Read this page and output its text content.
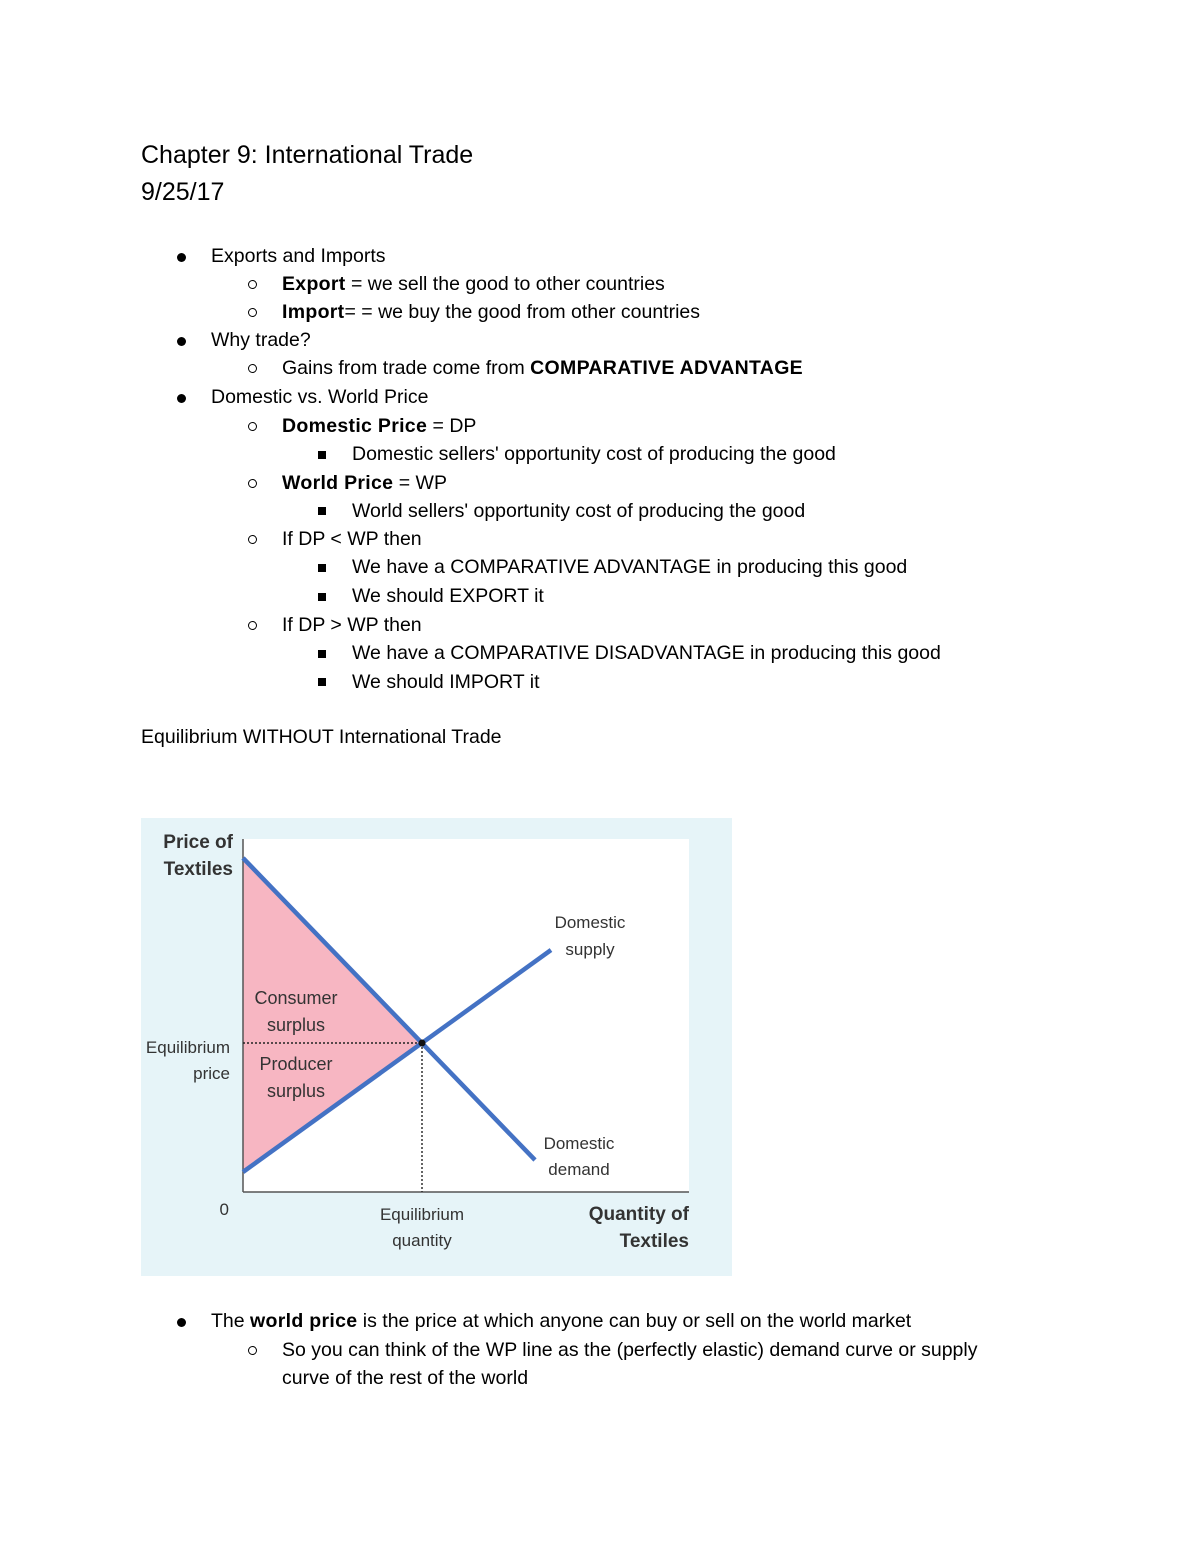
Chapter 9: International Trade
9/25/17
Exports and Imports
Export = we sell the good to other countries
Import= = we buy the good from other countries
Why trade?
Gains from trade come from COMPARATIVE ADVANTAGE
Domestic vs. World Price
Domestic Price = DP
Domestic sellers' opportunity cost of producing the good
World Price = WP
World sellers' opportunity cost of producing the good
If DP < WP then
We have a COMPARATIVE ADVANTAGE in producing this good
We should EXPORT it
If DP > WP then
We have a COMPARATIVE DISADVANTAGE in producing this good
We should IMPORT it
Equilibrium WITHOUT International Trade
Price of
Textiles
Equilibrium
price
0	Equilibrium
quantity
Quantity of
Textiles
Domestic
supply
Domestic
demand
Consumer
surplus
Producer
surplus
The world price is the price at which anyone can buy or sell on the world market
So you can think of the WP line as the (perfectly elastic) demand curve or supply
curve of the rest of the world
